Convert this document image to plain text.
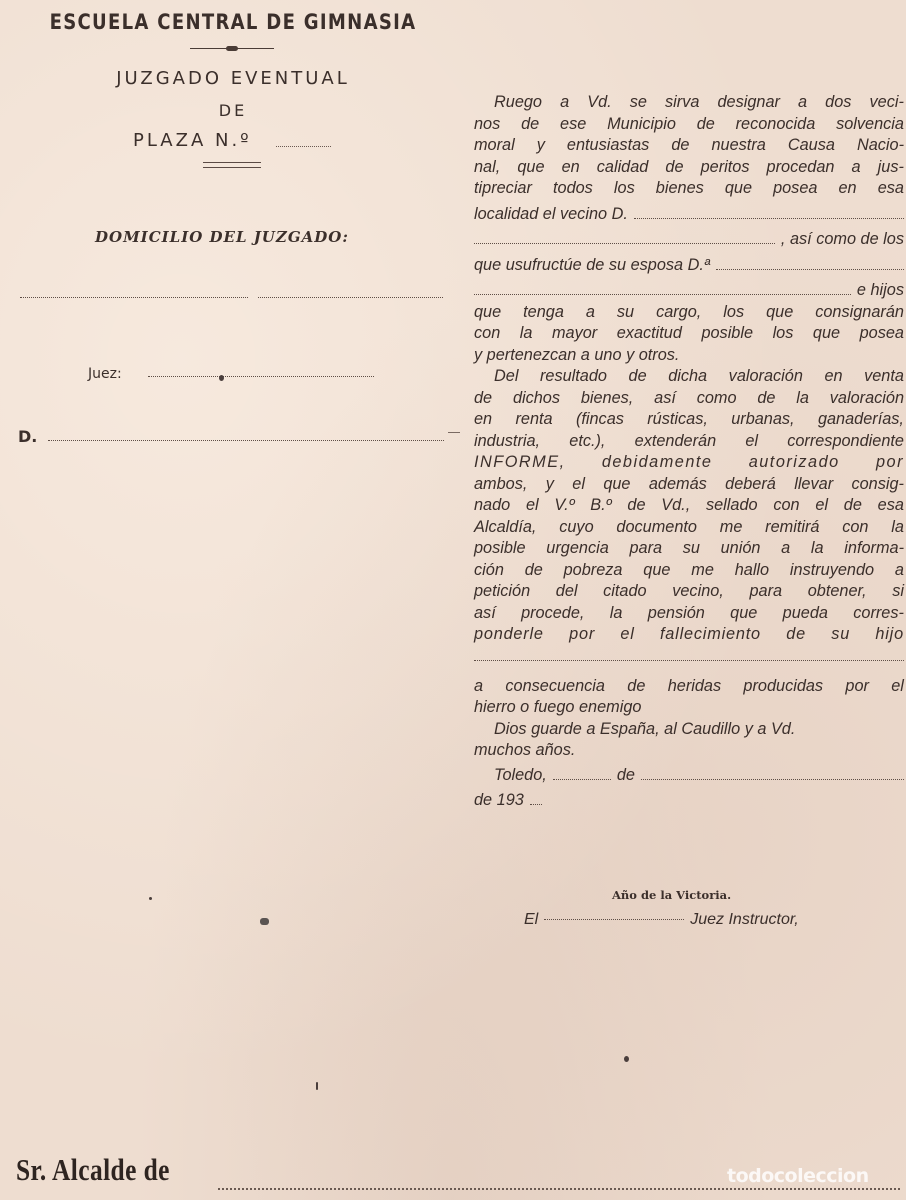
ESCUELA CENTRAL DE GIMNASIA
JUZGADO EVENTUAL
DE
PLAZA N.º
DOMICILIO DEL JUZGADO:
Juez:
D.
Ruego a Vd. se sirva designar a dos veci-
nos de ese Municipio de reconocida solvencia
moral y entusiastas de nuestra Causa Nacio-
nal, que en calidad de peritos procedan a jus-
tipreciar todos los bienes que posea en esa
localidad el vecino D.
, así como de los
que usufructúe de su esposa D.ª
e hijos
que tenga a su cargo, los que consignarán
con la mayor exactitud posible los que posea
y pertenezcan a uno y otros.
Del resultado de dicha valoración en venta
de dichos bienes, así como de la valoración
en renta (fincas rústicas, urbanas, ganaderías,
industria, etc.), extenderán el correspondiente
INFORME, debidamente autorizado por
ambos, y el que además deberá llevar consig-
nado el V.º B.º de Vd., sellado con el de esa
Alcaldía, cuyo documento me remitirá con la
posible urgencia para su unión a la informa-
ción de pobreza que me hallo instruyendo a
petición del citado vecino, para obtener, si
así procede, la pensión que pueda corres-
ponderle por el fallecimiento de su hijo
a consecuencia de heridas producidas por el
hierro o fuego enemigo
Dios guarde a España, al Caudillo y a Vd.
muchos años.
Toledo,	de
de 193
Año de la Victoria.
El	Juez Instructor,
Sr. Alcalde de	todocoleccion
